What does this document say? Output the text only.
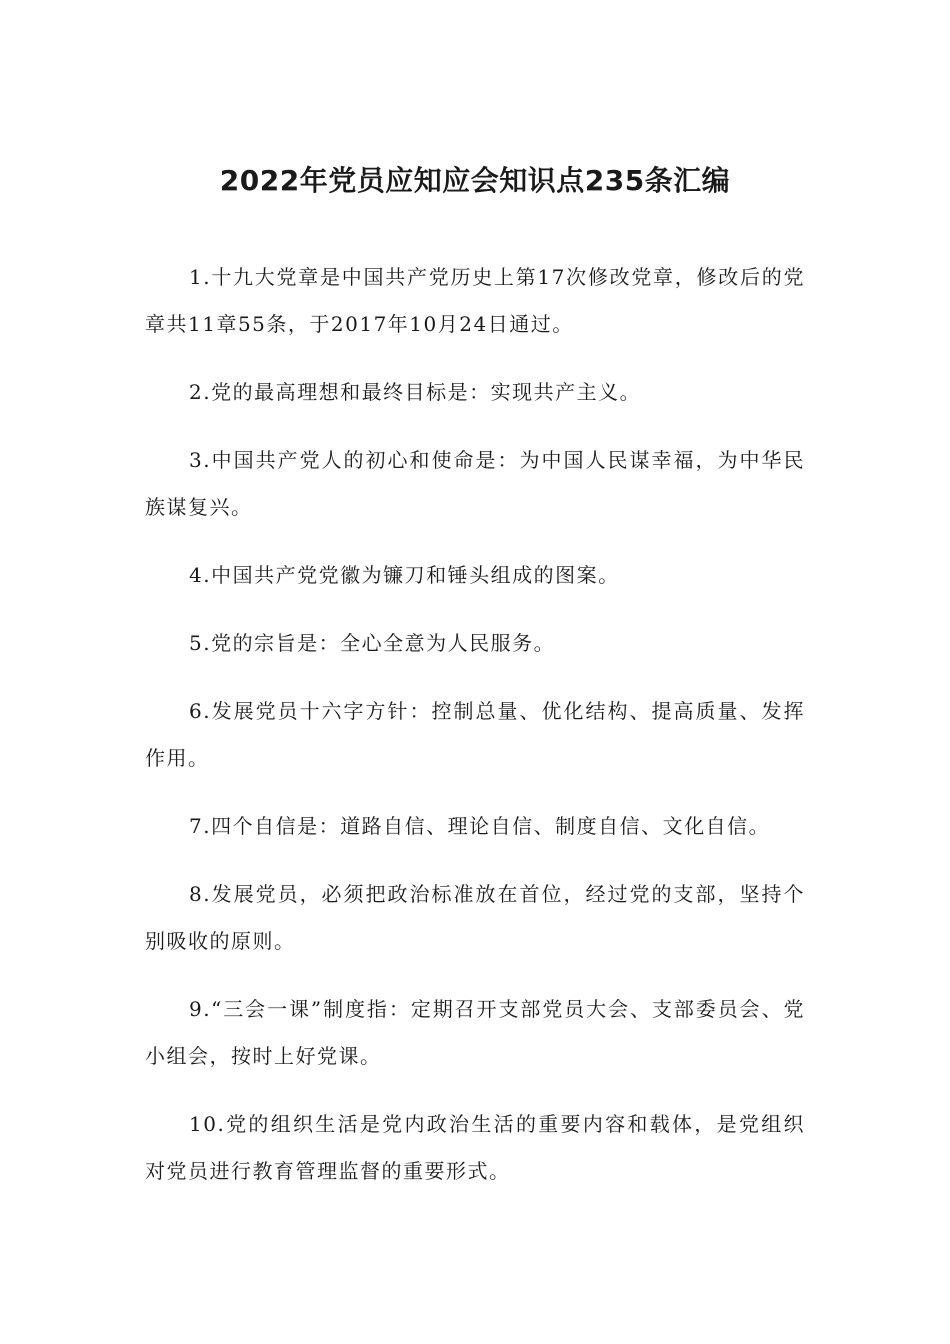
2022年党员应知应会知识点235条汇编

1.十九大党章是中国共产党历史上第17次修改党章，修改后的党章共11章55条，于2017年10月24日通过。

2.党的最高理想和最终目标是：实现共产主义。

3.中国共产党人的初心和使命是：为中国人民谋幸福，为中华民族谋复兴。

4.中国共产党党徽为镰刀和锤头组成的图案。

5.党的宗旨是：全心全意为人民服务。

6.发展党员十六字方针：控制总量、优化结构、提高质量、发挥作用。

7.四个自信是：道路自信、理论自信、制度自信、文化自信。

8.发展党员，必须把政治标准放在首位，经过党的支部，坚持个别吸收的原则。

9.“三会一课”制度指：定期召开支部党员大会、支部委员会、党小组会，按时上好党课。

10.党的组织生活是党内政治生活的重要内容和载体，是党组织对党员进行教育管理监督的重要形式。
